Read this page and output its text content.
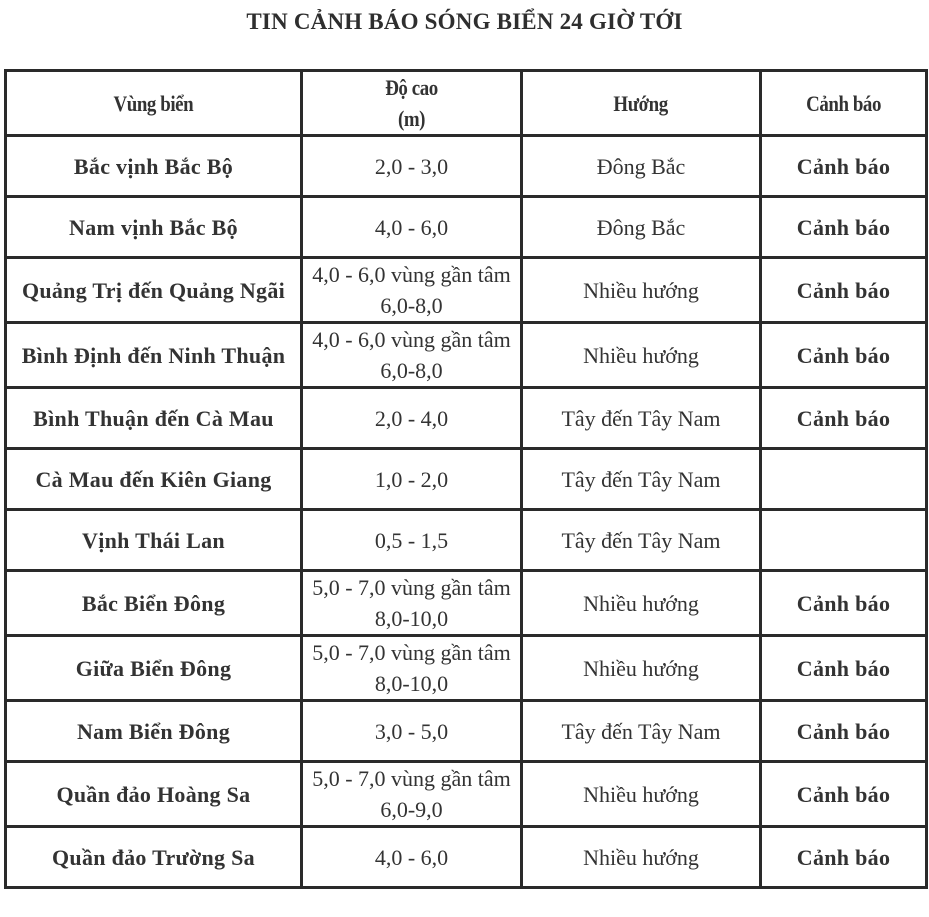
TIN CẢNH BÁO SÓNG BIỂN 24 GIỜ TỚI
Vùng biển	Độ cao
(m)	Hướng	Cảnh báo
Bắc vịnh Bắc Bộ	2,0 - 3,0	Đông Bắc	Cảnh báo
Nam vịnh Bắc Bộ	4,0 - 6,0	Đông Bắc	Cảnh báo
Quảng Trị đến Quảng Ngãi	4,0 - 6,0 vùng gần tâm
6,0-8,0	Nhiều hướng	Cảnh báo
Bình Định đến Ninh Thuận	4,0 - 6,0 vùng gần tâm
6,0-8,0	Nhiều hướng	Cảnh báo
Bình Thuận đến Cà Mau	2,0 - 4,0	Tây đến Tây Nam	Cảnh báo
Cà Mau đến Kiên Giang	1,0 - 2,0	Tây đến Tây Nam	
Vịnh Thái Lan	0,5 - 1,5	Tây đến Tây Nam	
Bắc Biển Đông	5,0 - 7,0 vùng gần tâm
8,0-10,0	Nhiều hướng	Cảnh báo
Giữa Biển Đông	5,0 - 7,0 vùng gần tâm
8,0-10,0	Nhiều hướng	Cảnh báo
Nam Biển Đông	3,0 - 5,0	Tây đến Tây Nam	Cảnh báo
Quần đảo Hoàng Sa	5,0 - 7,0 vùng gần tâm
6,0-9,0	Nhiều hướng	Cảnh báo
Quần đảo Trường Sa	4,0 - 6,0	Nhiều hướng	Cảnh báo
